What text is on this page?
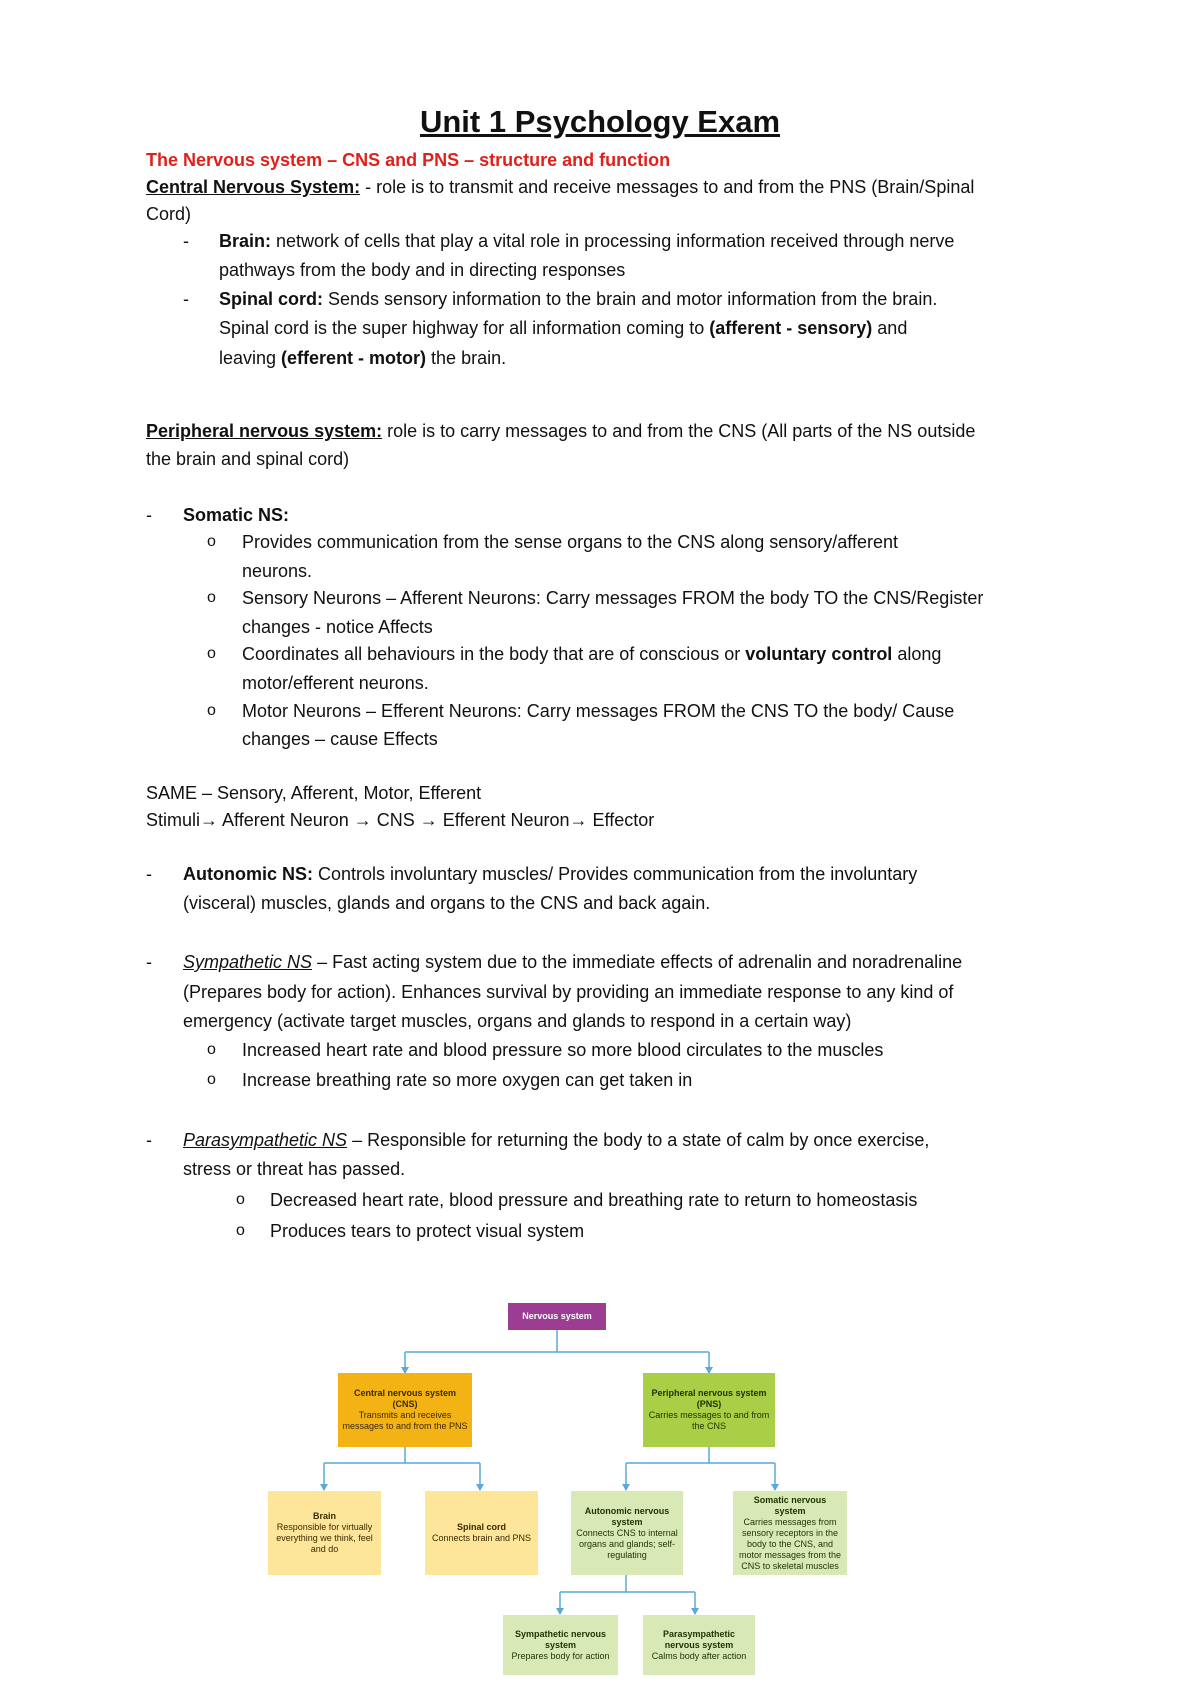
Unit 1 Psychology Exam
The Nervous system – CNS and PNS – structure and function
Central Nervous System: - role is to transmit and receive messages to and from the PNS (Brain/Spinal
Cord)
- Brain: network of cells that play a vital role in processing information received through nerve
pathways from the body and in directing responses
- Spinal cord: Sends sensory information to the brain and motor information from the brain.
Spinal cord is the super highway for all information coming to (afferent - sensory) and
leaving (efferent - motor) the brain.
Peripheral nervous system: role is to carry messages to and from the CNS (All parts of the NS outside
the brain and spinal cord)
- Somatic NS:
o Provides communication from the sense organs to the CNS along sensory/afferent
neurons.
o Sensory Neurons – Afferent Neurons: Carry messages FROM the body TO the CNS/Register
changes - notice Affects
o Coordinates all behaviours in the body that are of conscious or voluntary control along
motor/efferent neurons.
o Motor Neurons – Efferent Neurons: Carry messages FROM the CNS TO the body/ Cause
changes – cause Effects
SAME – Sensory, Afferent, Motor, Efferent
Stimuli→ Afferent Neuron → CNS → Efferent Neuron→ Effector
- Autonomic NS: Controls involuntary muscles/ Provides communication from the involuntary
(visceral) muscles, glands and organs to the CNS and back again.
- Sympathetic NS – Fast acting system due to the immediate effects of adrenalin and noradrenaline
(Prepares body for action). Enhances survival by providing an immediate response to any kind of
emergency (activate target muscles, organs and glands to respond in a certain way)
o Increased heart rate and blood pressure so more blood circulates to the muscles
o Increase breathing rate so more oxygen can get taken in
- Parasympathetic NS – Responsible for returning the body to a state of calm by once exercise,
stress or threat has passed.
o Decreased heart rate, blood pressure and breathing rate to return to homeostasis
o Produces tears to protect visual system
Nervous system
Central nervous system (CNS)
Transmits and receives messages to and from the PNS
Peripheral nervous system (PNS)
Carries messages to and from the CNS
Brain
Responsible for virtually everything we think, feel and do
Spinal cord
Connects brain and PNS
Autonomic nervous system
Connects CNS to internal organs and glands; self-regulating
Somatic nervous system
Carries messages from sensory receptors in the body to the CNS, and motor messages from the CNS to skeletal muscles
Sympathetic nervous system
Prepares body for action
Parasympathetic nervous system
Calms body after action
